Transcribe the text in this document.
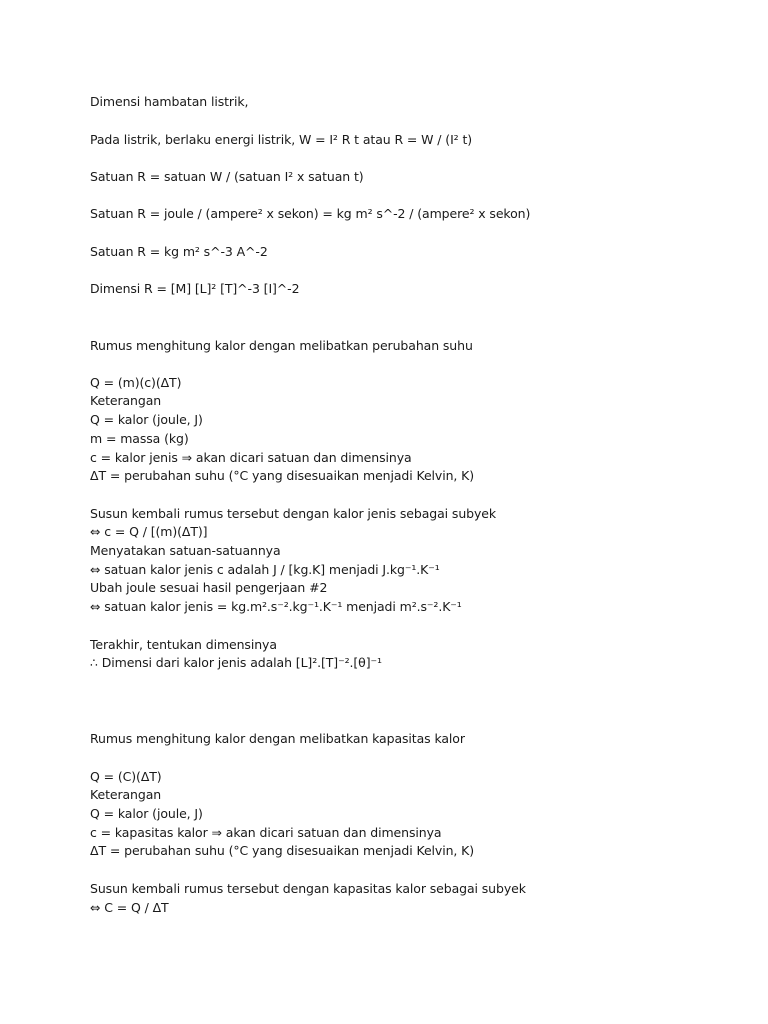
Dimensi hambatan listrik,
Pada listrik, berlaku energi listrik, W = I² R t atau R = W / (I² t)
Satuan R = satuan W / (satuan I² x satuan t)
Satuan R = joule / (ampere² x sekon) = kg m² s^-2 / (ampere² x sekon)
Satuan R = kg m² s^-3 A^-2
Dimensi R = [M] [L]² [T]^-3 [I]^-2
Rumus menghitung kalor dengan melibatkan perubahan suhu
Q = (m)(c)(ΔT)
Keterangan
Q = kalor (joule, J)
m = massa (kg)
c = kalor jenis ⇒ akan dicari satuan dan dimensinya
ΔT = perubahan suhu (°C yang disesuaikan menjadi Kelvin, K)
Susun kembali rumus tersebut dengan kalor jenis sebagai subyek
⇔ c = Q / [(m)(ΔT)]
Menyatakan satuan-satuannya
⇔ satuan kalor jenis c adalah J / [kg.K] menjadi J.kg⁻¹.K⁻¹
Ubah joule sesuai hasil pengerjaan #2
⇔ satuan kalor jenis = kg.m².s⁻².kg⁻¹.K⁻¹ menjadi m².s⁻².K⁻¹
Terakhir, tentukan dimensinya
∴ Dimensi dari kalor jenis adalah [L]².[T]⁻².[θ]⁻¹
Rumus menghitung kalor dengan melibatkan kapasitas kalor
Q = (C)(ΔT)
Keterangan
Q = kalor (joule, J)
c = kapasitas kalor ⇒ akan dicari satuan dan dimensinya
ΔT = perubahan suhu (°C yang disesuaikan menjadi Kelvin, K)
Susun kembali rumus tersebut dengan kapasitas kalor sebagai subyek
⇔ C = Q / ΔT
